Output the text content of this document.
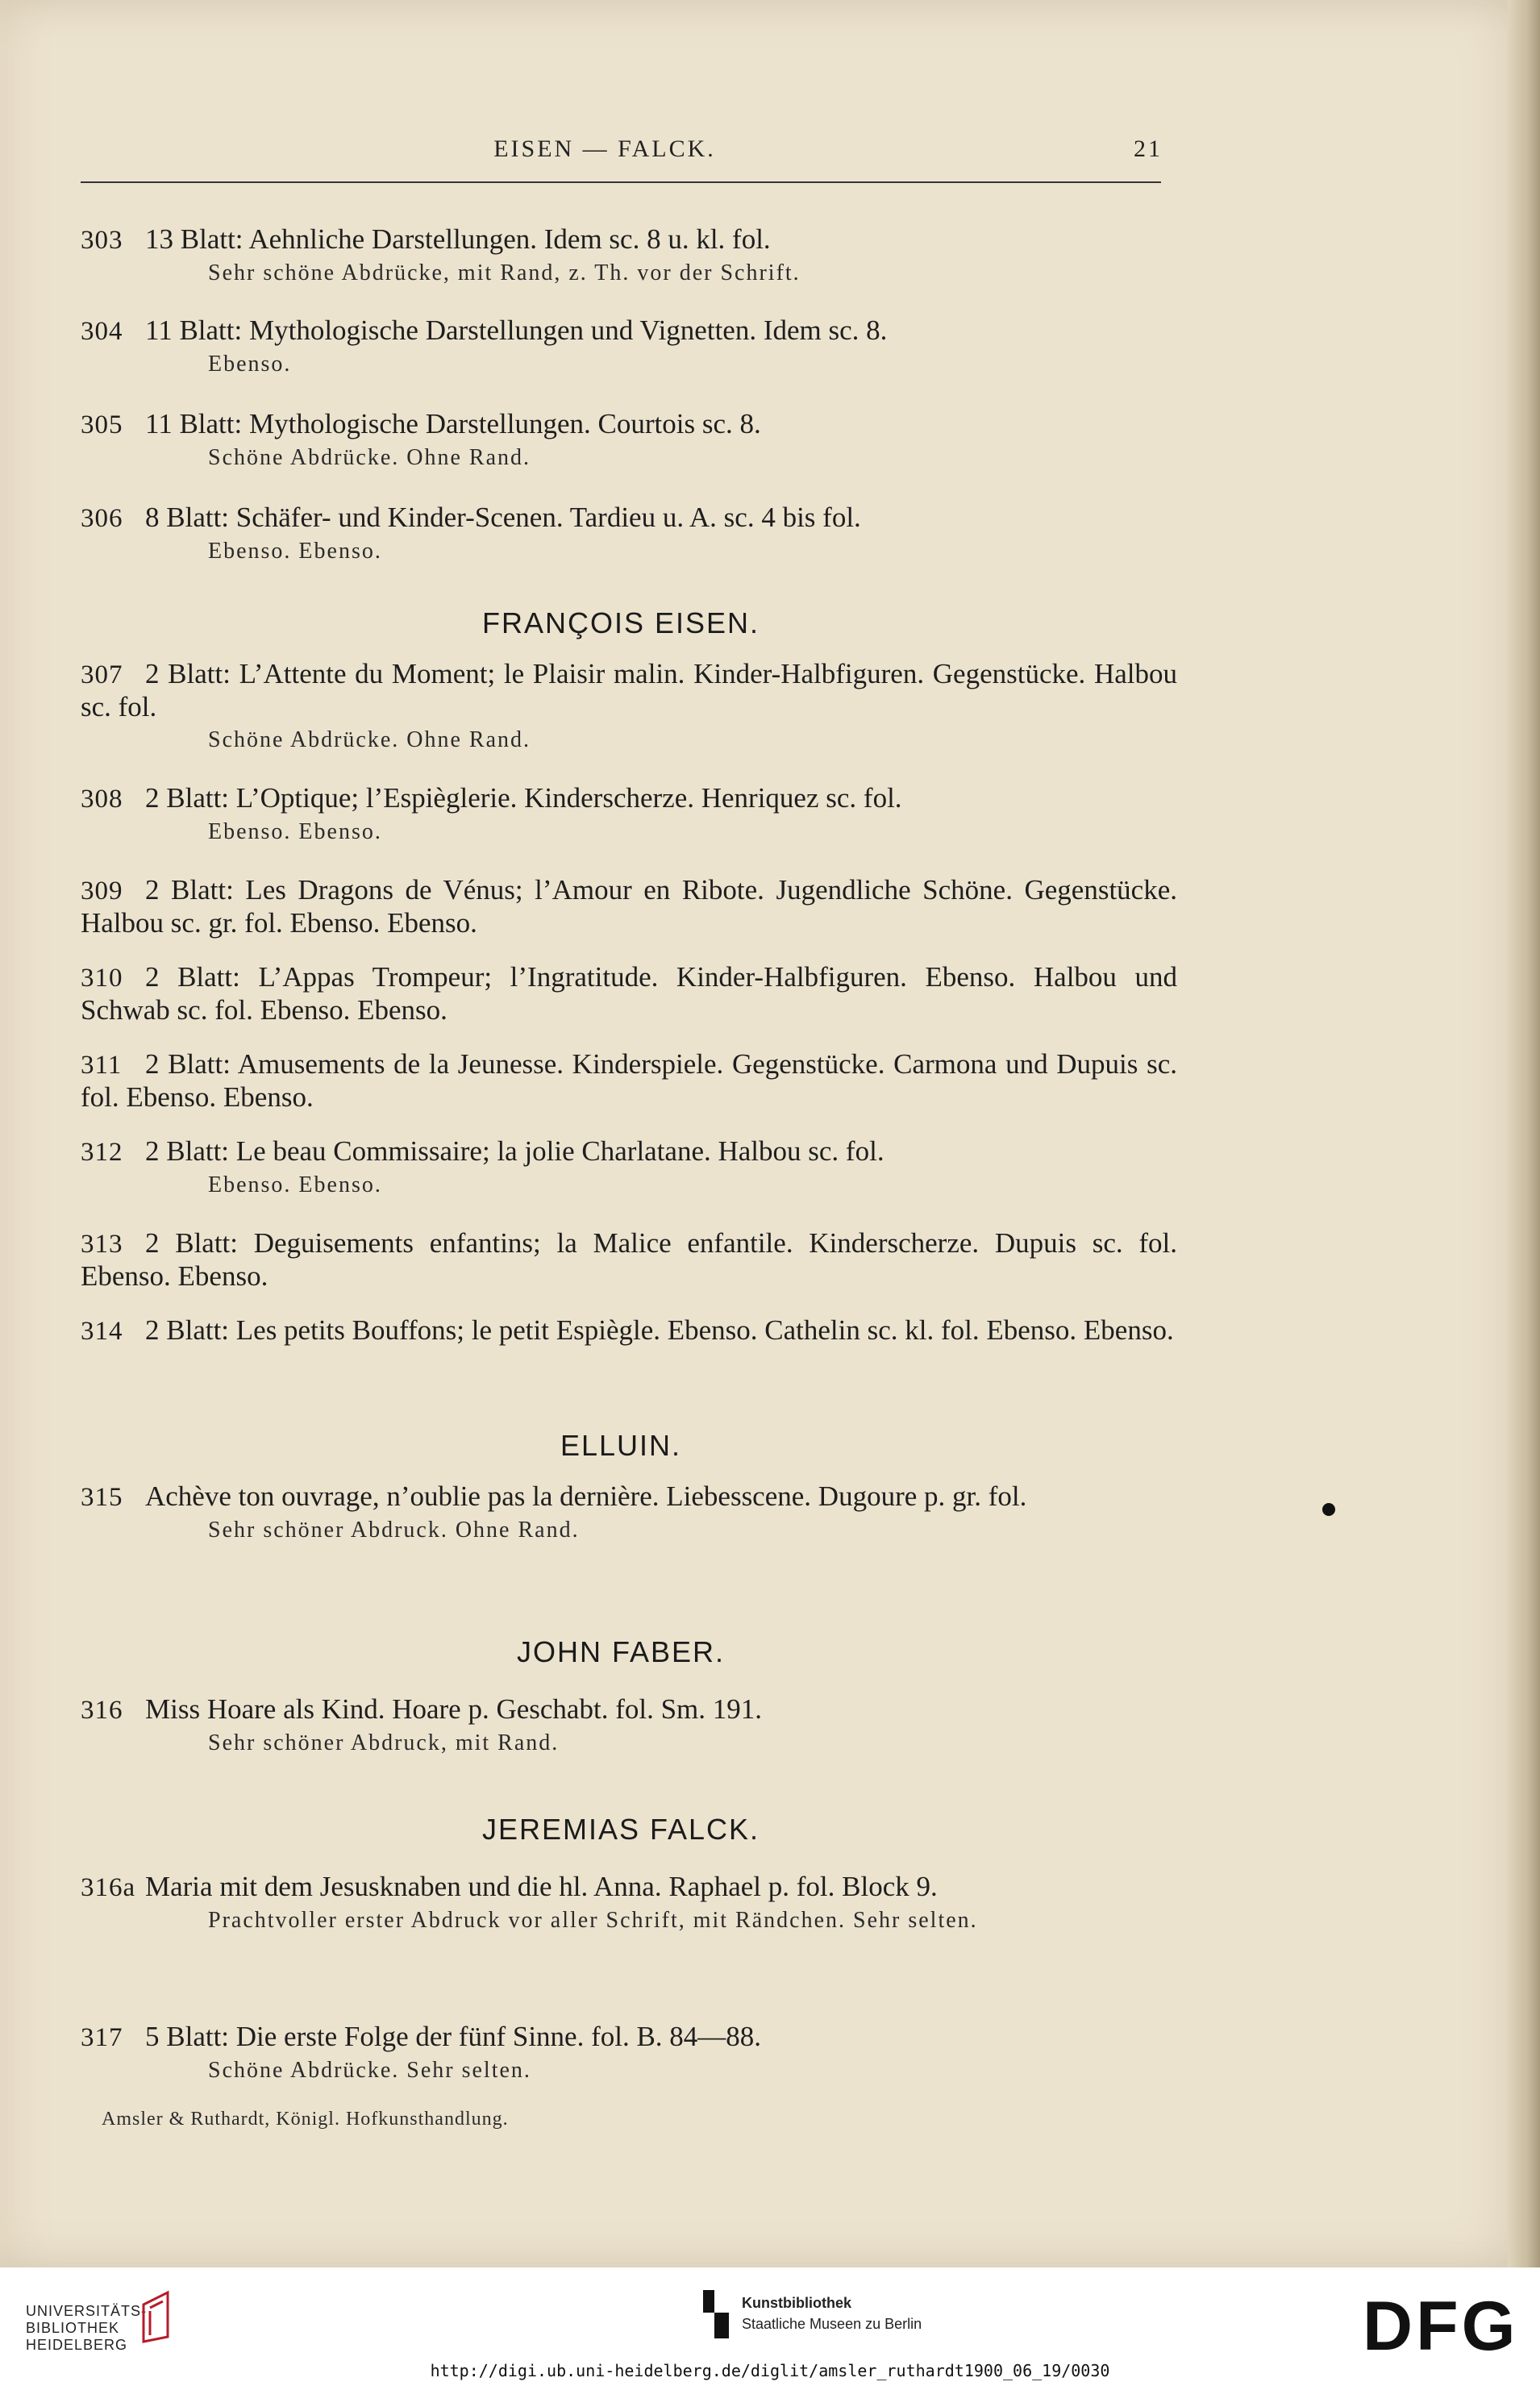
EISEN — FALCK.	21
303 13 Blatt: Aehnliche Darstellungen. Idem sc. 8 u. kl. fol.
Sehr schöne Abdrücke, mit Rand, z. Th. vor der Schrift.
304 11 Blatt: Mythologische Darstellungen und Vignetten. Idem sc. 8.
Ebenso.
305 11 Blatt: Mythologische Darstellungen. Courtois sc. 8.
Schöne Abdrücke. Ohne Rand.
306 8 Blatt: Schäfer- und Kinder-Scenen. Tardieu u. A. sc. 4 bis fol.
Ebenso. Ebenso.
FRANÇOIS EISEN.
307 2 Blatt: L’Attente du Moment; le Plaisir malin. Kinder-Halbfiguren. Gegenstücke. Halbou sc. fol.
Schöne Abdrücke. Ohne Rand.
308 2 Blatt: L’Optique; l’Espièglerie. Kinderscherze. Henriquez sc. fol.
Ebenso. Ebenso.
309 2 Blatt: Les Dragons de Vénus; l’Amour en Ribote. Jugendliche Schöne. Gegenstücke. Halbou sc. gr. fol. Ebenso. Ebenso.
310 2 Blatt: L’Appas Trompeur; l’Ingratitude. Kinder-Halbfiguren. Ebenso. Halbou und Schwab sc. fol. Ebenso. Ebenso.
311 2 Blatt: Amusements de la Jeunesse. Kinderspiele. Gegenstücke. Carmona und Dupuis sc. fol. Ebenso. Ebenso.
312 2 Blatt: Le beau Commissaire; la jolie Charlatane. Halbou sc. fol.
Ebenso. Ebenso.
313 2 Blatt: Deguisements enfantins; la Malice enfantile. Kinderscherze. Dupuis sc. fol. Ebenso. Ebenso.
314 2 Blatt: Les petits Bouffons; le petit Espiègle. Ebenso. Cathelin sc. kl. fol. Ebenso. Ebenso.
ELLUIN.
315 Achève ton ouvrage, n’oublie pas la dernière. Liebesscene. Dugoure p. gr. fol.
Sehr schöner Abdruck. Ohne Rand.
JOHN FABER.
316 Miss Hoare als Kind. Hoare p. Geschabt. fol. Sm. 191.
Sehr schöner Abdruck, mit Rand.
JEREMIAS FALCK.
316a Maria mit dem Jesusknaben und die hl. Anna. Raphael p. fol. Block 9.
Prachtvoller erster Abdruck vor aller Schrift, mit Rändchen. Sehr selten.
317 5 Blatt: Die erste Folge der fünf Sinne. fol. B. 84—88.
Schöne Abdrücke. Sehr selten.
Amsler & Ruthardt, Königl. Hofkunsthandlung.
UNIVERSITÄTS-
BIBLIOTHEK
HEIDELBERG
Kunstbibliothek
Staatliche Museen zu Berlin	DFG
http://digi.ub.uni-heidelberg.de/diglit/amsler_ruthardt1900_06_19/0030
